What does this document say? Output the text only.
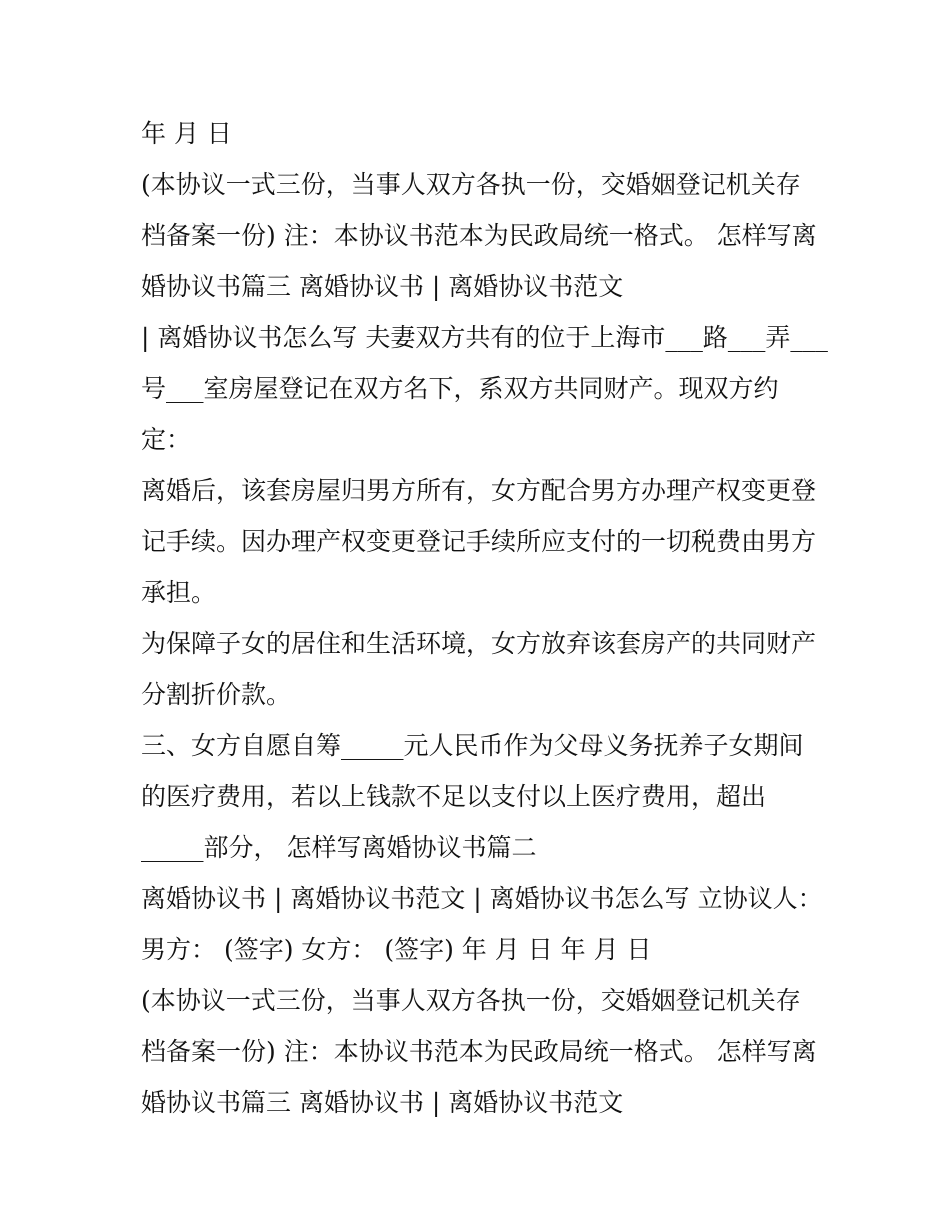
年 月 日
(本协议一式三份，当事人双方各执一份，交婚姻登记机关存
档备案一份) 注：本协议书范本为民政局统一格式。 怎样写离
婚协议书篇三 离婚协议书 | 离婚协议书范文
| 离婚协议书怎么写 夫妻双方共有的位于上海市___路___弄___
号___室房屋登记在双方名下，系双方共同财产。现双方约
定：
离婚后，该套房屋归男方所有，女方配合男方办理产权变更登
记手续。因办理产权变更登记手续所应支付的一切税费由男方
承担。
为保障子女的居住和生活环境，女方放弃该套房产的共同财产
分割折价款。
三、女方自愿自筹_____元人民币作为父母义务抚养子女期间
的医疗费用，若以上钱款不足以支付以上医疗费用，超出
_____部分， 怎样写离婚协议书篇二
离婚协议书 | 离婚协议书范文 | 离婚协议书怎么写 立协议人：
男方： (签字) 女方： (签字) 年 月 日 年 月 日
(本协议一式三份，当事人双方各执一份，交婚姻登记机关存
档备案一份) 注：本协议书范本为民政局统一格式。 怎样写离
婚协议书篇三 离婚协议书 | 离婚协议书范文
